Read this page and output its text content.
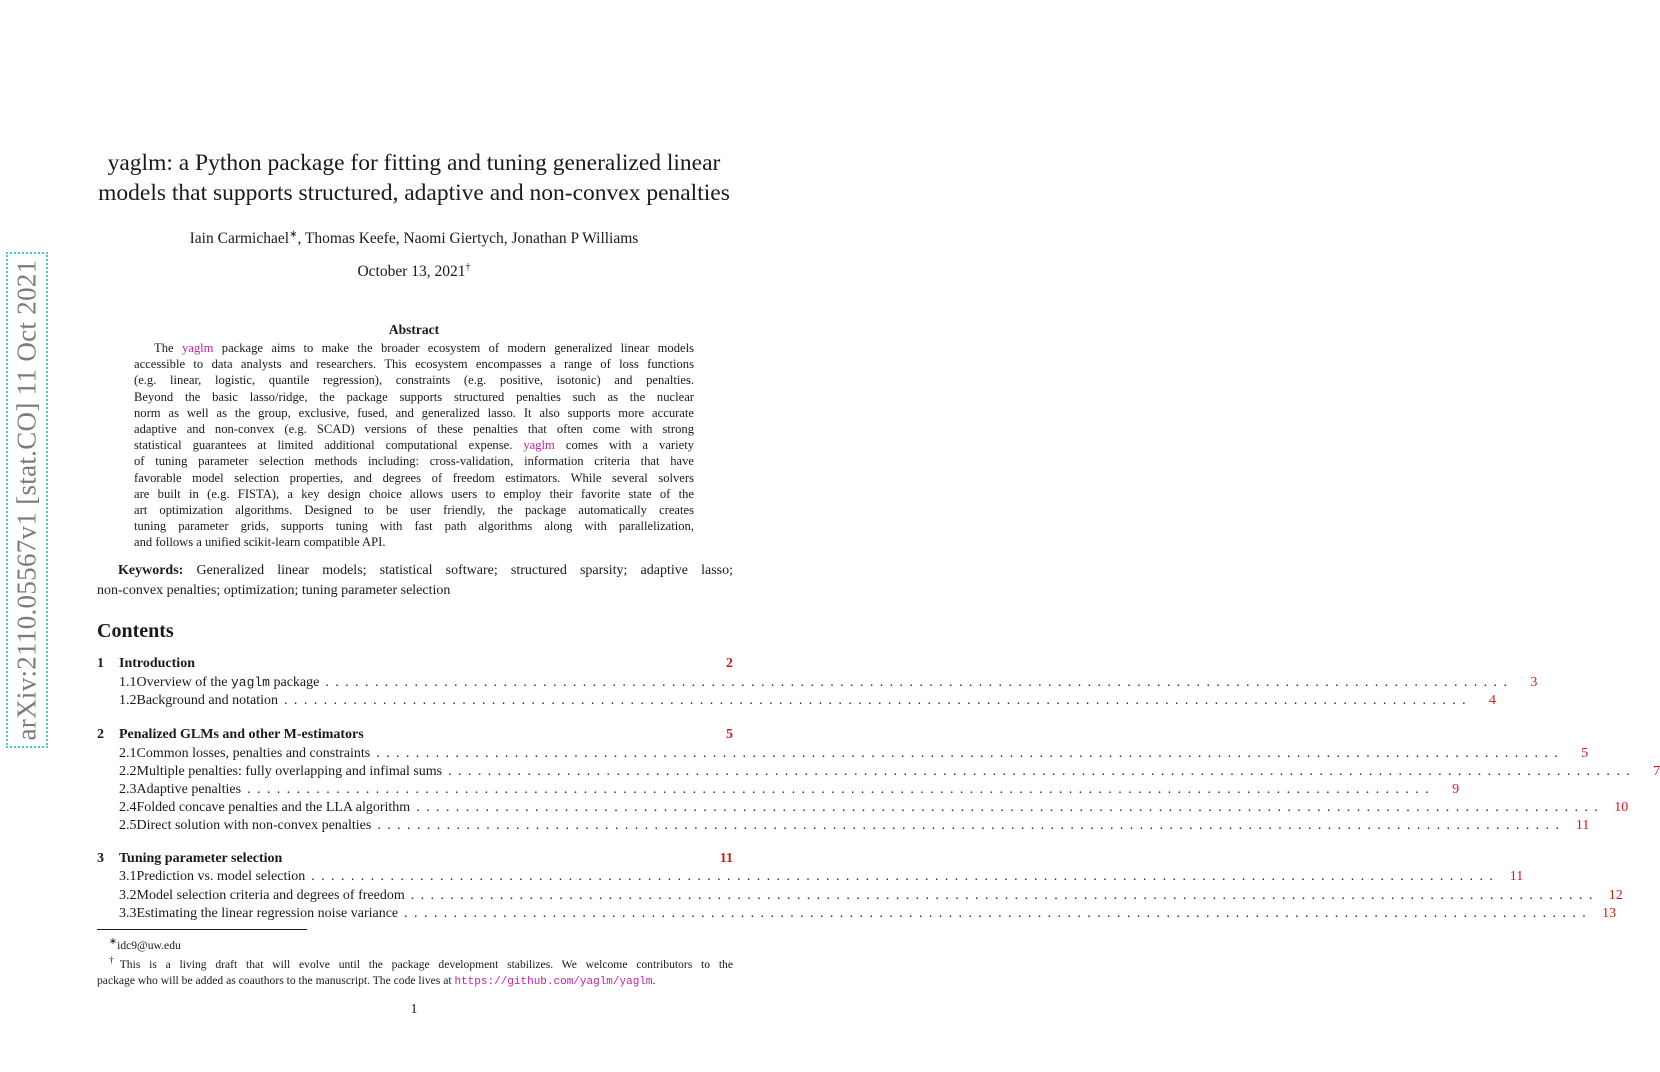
arXiv:2110.05567v1 [stat.CO] 11 Oct 2021
yaglm: a Python package for fitting and tuning generalized linear
models that supports structured, adaptive and non-convex penalties
Iain Carmichael∗, Thomas Keefe, Naomi Giertych, Jonathan P Williams
October 13, 2021†
Abstract
The yaglm package aims to make the broader ecosystem of modern generalized linear models
accessible to data analysts and researchers. This ecosystem encompasses a range of loss functions
(e.g. linear, logistic, quantile regression), constraints (e.g. positive, isotonic) and penalties.
Beyond the basic lasso/ridge, the package supports structured penalties such as the nuclear
norm as well as the group, exclusive, fused, and generalized lasso. It also supports more accurate
adaptive and non-convex (e.g. SCAD) versions of these penalties that often come with strong
statistical guarantees at limited additional computational expense. yaglm comes with a variety
of tuning parameter selection methods including: cross-validation, information criteria that have
favorable model selection properties, and degrees of freedom estimators. While several solvers
are built in (e.g. FISTA), a key design choice allows users to employ their favorite state of the
art optimization algorithms. Designed to be user friendly, the package automatically creates
tuning parameter grids, supports tuning with fast path algorithms along with parallelization,
and follows a unified scikit-learn compatible API.
Keywords: Generalized linear models; statistical software; structured sparsity; adaptive lasso;
non-convex penalties; optimization; tuning parameter selection
Contents
1	Introduction	2
1.1 Overview of the yaglm package ........................................................................................................................	3
1.2 Background and notation ........................................................................................................................	4
2	Penalized GLMs and other M-estimators	5
2.1 Common losses, penalties and constraints ........................................................................................................................	5
2.2 Multiple penalties: fully overlapping and infimal sums ........................................................................................................................	7
2.3 Adaptive penalties ........................................................................................................................	9
2.4 Folded concave penalties and the LLA algorithm ........................................................................................................................ 10
2.5 Direct solution with non-convex penalties ........................................................................................................................ 11
3	Tuning parameter selection	11
3.1 Prediction vs. model selection ........................................................................................................................ 11
3.2 Model selection criteria and degrees of freedom ........................................................................................................................ 12
3.3 Estimating the linear regression noise variance ........................................................................................................................ 13
∗idc9@uw.edu
†This is a living draft that will evolve until the package development stabilizes. We welcome contributors to the
package who will be added as coauthors to the manuscript. The code lives at https://github.com/yaglm/yaglm.
1
